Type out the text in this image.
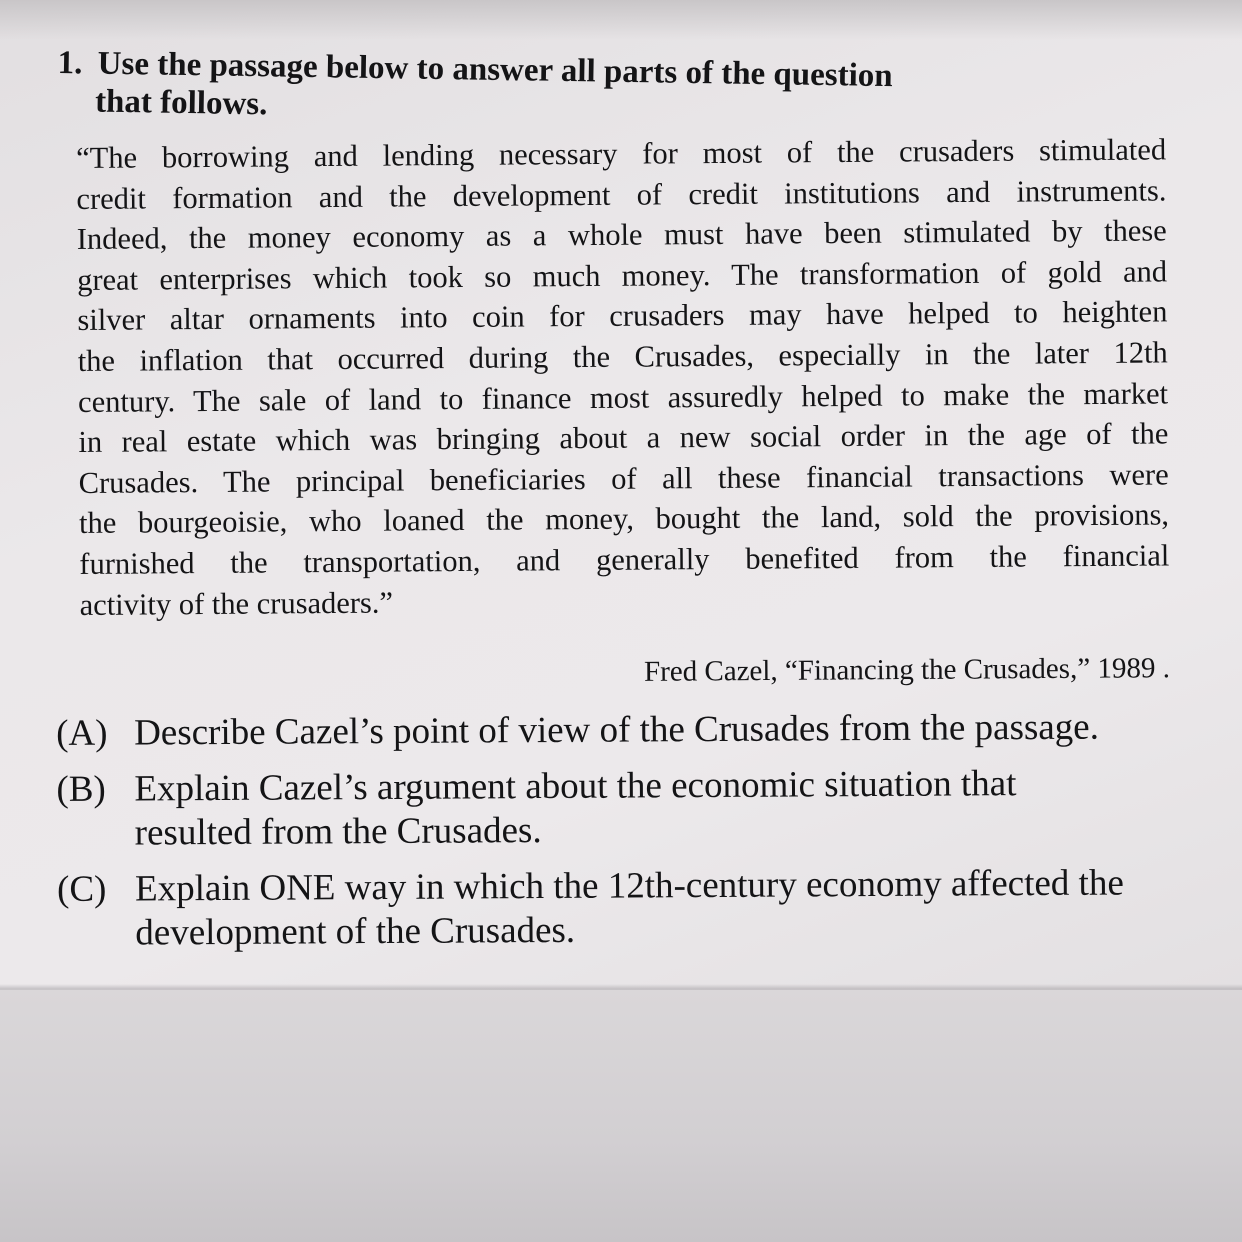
1. Use the passage below to answer all parts of the question
that follows.
“The borrowing and lending necessary for most of the crusaders stimulated
credit formation and the development of credit institutions and instruments.
Indeed, the money economy as a whole must have been stimulated by these
great enterprises which took so much money. The transformation of gold and
silver altar ornaments into coin for crusaders may have helped to heighten
the inflation that occurred during the Crusades, especially in the later 12th
century. The sale of land to finance most assuredly helped to make the market
in real estate which was bringing about a new social order in the age of the
Crusades. The principal beneficiaries of all these financial transactions were
the bourgeoisie, who loaned the money, bought the land, sold the provisions,
furnished the transportation, and generally benefited from the financial
activity of the crusaders.”
Fred Cazel, “Financing the Crusades,” 1989 .
(A) Describe Cazel’s point of view of the Crusades from the passage.
(B) Explain Cazel’s argument about the economic situation that resulted from the Crusades.
(C) Explain ONE way in which the 12th-century economy affected the development of the Crusades.
